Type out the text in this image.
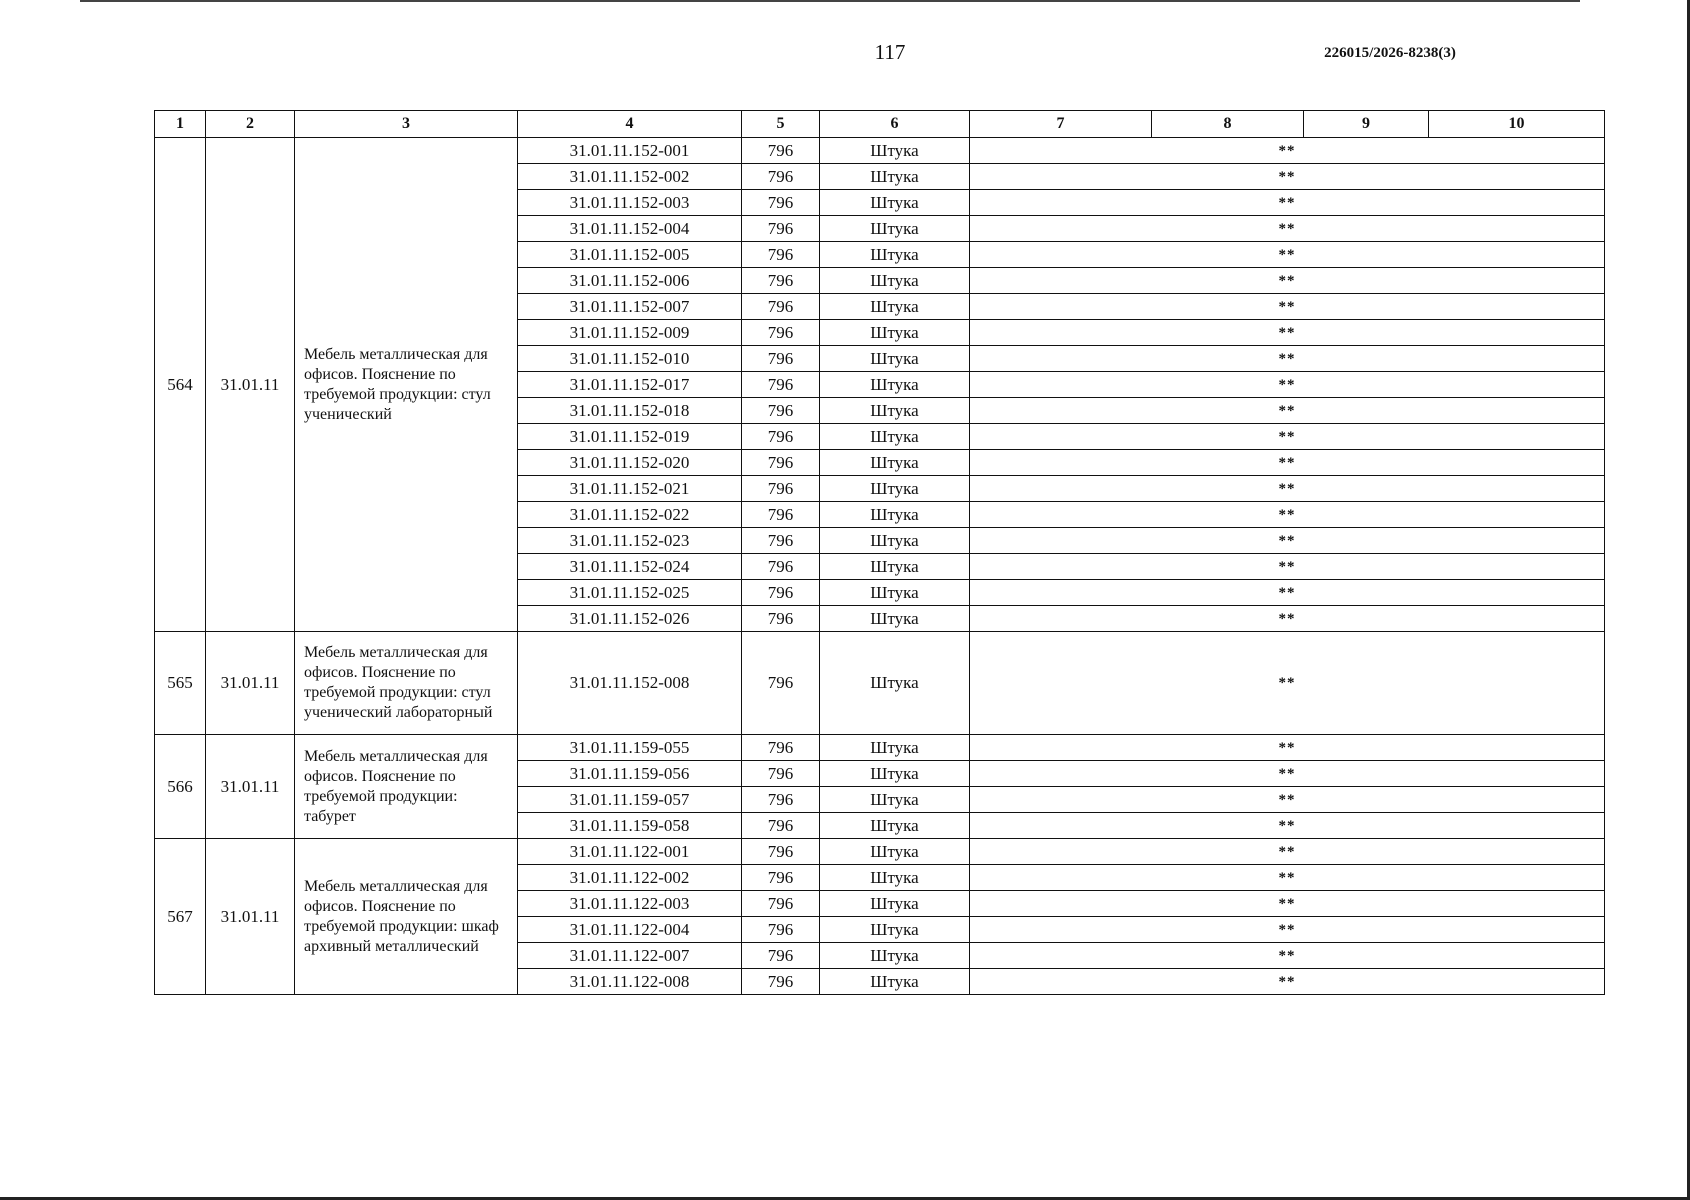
117	226015/2026-8238(3)
1	2	3	4	5	6	7	8	9	10
564	31.01.11	Мебель металлическая для офисов. Пояснение по требуемой продукции: стул ученический	31.01.11.152-001	796	Штука	**			
			31.01.11.152-002	796	Штука	**			
			31.01.11.152-003	796	Штука	**			
			31.01.11.152-004	796	Штука	**			
			31.01.11.152-005	796	Штука	**			
			31.01.11.152-006	796	Штука	**			
			31.01.11.152-007	796	Штука	**			
			31.01.11.152-009	796	Штука	**			
			31.01.11.152-010	796	Штука	**			
			31.01.11.152-017	796	Штука	**			
			31.01.11.152-018	796	Штука	**			
			31.01.11.152-019	796	Штука	**			
			31.01.11.152-020	796	Штука	**			
			31.01.11.152-021	796	Штука	**			
			31.01.11.152-022	796	Штука	**			
			31.01.11.152-023	796	Штука	**			
			31.01.11.152-024	796	Штука	**			
			31.01.11.152-025	796	Штука	**			
			31.01.11.152-026	796	Штука	**			
565	31.01.11	Мебель металлическая для офисов. Пояснение по требуемой продукции: стул ученический лабораторный	31.01.11.152-008	796	Штука	**			
566	31.01.11	Мебель металлическая для офисов. Пояснение по требуемой продукции: табурет	31.01.11.159-055	796	Штука	**			
			31.01.11.159-056	796	Штука	**			
			31.01.11.159-057	796	Штука	**			
			31.01.11.159-058	796	Штука	**			
567	31.01.11	Мебель металлическая для офисов. Пояснение по требуемой продукции: шкаф архивный металлический	31.01.11.122-001	796	Штука	**			
			31.01.11.122-002	796	Штука	**			
			31.01.11.122-003	796	Штука	**			
			31.01.11.122-004	796	Штука	**			
			31.01.11.122-007	796	Штука	**			
			31.01.11.122-008	796	Штука	**			
